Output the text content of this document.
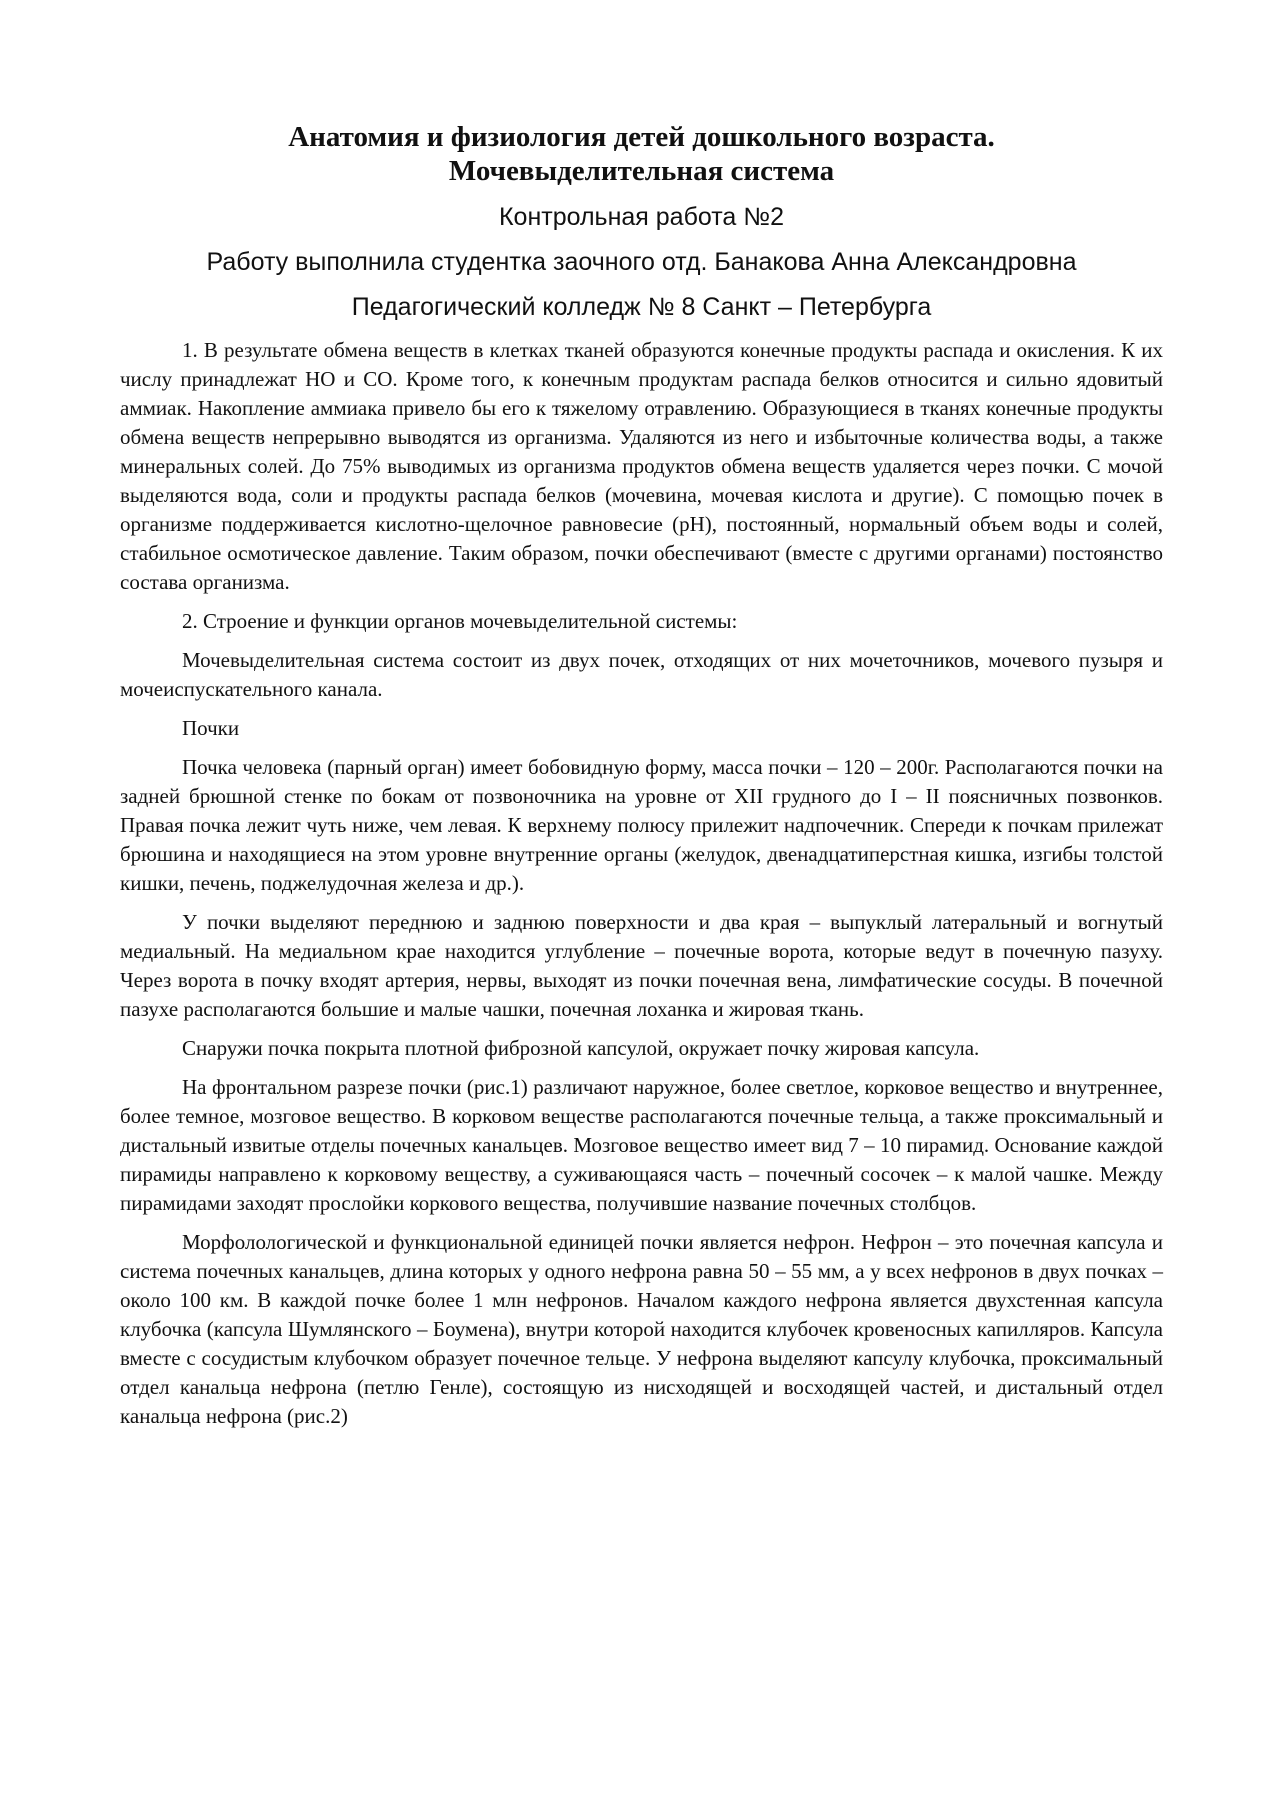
Анатомия и физиология детей дошкольного возраста.
Мочевыделительная система

Контрольная работа №2

Работу выполнила студентка заочного отд. Банакова Анна Александровна

Педагогический колледж № 8 Санкт – Петербурга

1. В результате обмена веществ в клетках тканей образуются конечные продукты распада и окисления. К их числу принадлежат НО и СО. Кроме того, к конечным продуктам распада белков относится и сильно ядовитый аммиак. Накопление аммиака привело бы его к тяжелому отравлению. Образующиеся в тканях конечные продукты обмена веществ непрерывно выводятся из организма. Удаляются из него и избыточные количества воды, а также минеральных солей. До 75% выводимых из организма продуктов обмена веществ удаляется через почки. С мочой выделяются вода, соли и продукты распада белков (мочевина, мочевая кислота и другие). С помощью почек в организме поддерживается кислотно-щелочное равновесие (рН), постоянный, нормальный объем воды и солей, стабильное осмотическое давление. Таким образом, почки обеспечивают (вместе с другими органами) постоянство состава организма.

2. Строение и функции органов мочевыделительной системы:

Мочевыделительная система состоит из двух почек, отходящих от них мочеточников, мочевого пузыря и мочеиспускательного канала.

Почки

Почка человека (парный орган) имеет бобовидную форму, масса почки – 120 – 200г. Располагаются почки на задней брюшной стенке по бокам от позвоночника на уровне от XII грудного до I – II поясничных позвонков. Правая почка лежит чуть ниже, чем левая. К верхнему полюсу прилежит надпочечник. Спереди к почкам прилежат брюшина и находящиеся на этом уровне внутренние органы (желудок, двенадцатиперстная кишка, изгибы толстой кишки, печень, поджелудочная железа и др.).

У почки выделяют переднюю и заднюю поверхности и два края – выпуклый латеральный и вогнутый медиальный. На медиальном крае находится углубление – почечные ворота, которые ведут в почечную пазуху. Через ворота в почку входят артерия, нервы, выходят из почки почечная вена, лимфатические сосуды. В почечной пазухе располагаются большие и малые чашки, почечная лоханка и жировая ткань.

Снаружи почка покрыта плотной фиброзной капсулой, окружает почку жировая капсула.

На фронтальном разрезе почки (рис.1) различают наружное, более светлое, корковое вещество и внутреннее, более темное, мозговое вещество. В корковом веществе располагаются почечные тельца, а также проксимальный и дистальный извитые отделы почечных канальцев. Мозговое вещество имеет вид 7 – 10 пирамид. Основание каждой пирамиды направлено к корковому веществу, а суживающаяся часть – почечный сосочек – к малой чашке. Между пирамидами заходят прослойки коркового вещества, получившие название почечных столбцов.

Морфолологической и функциональной единицей почки является нефрон. Нефрон – это почечная капсула и система почечных канальцев, длина которых у одного нефрона равна 50 – 55 мм, а у всех нефронов в двух почках – около 100 км. В каждой почке более 1 млн нефронов. Началом каждого нефрона является двухстенная капсула клубочка (капсула Шумлянского – Боумена), внутри которой находится клубочек кровеносных капилляров. Капсула вместе с сосудистым клубочком образует почечное тельце. У нефрона выделяют капсулу клубочка, проксимальный отдел канальца нефрона (петлю Генле), состоящую из нисходящей и восходящей частей, и дистальный отдел канальца нефрона (рис.2)
